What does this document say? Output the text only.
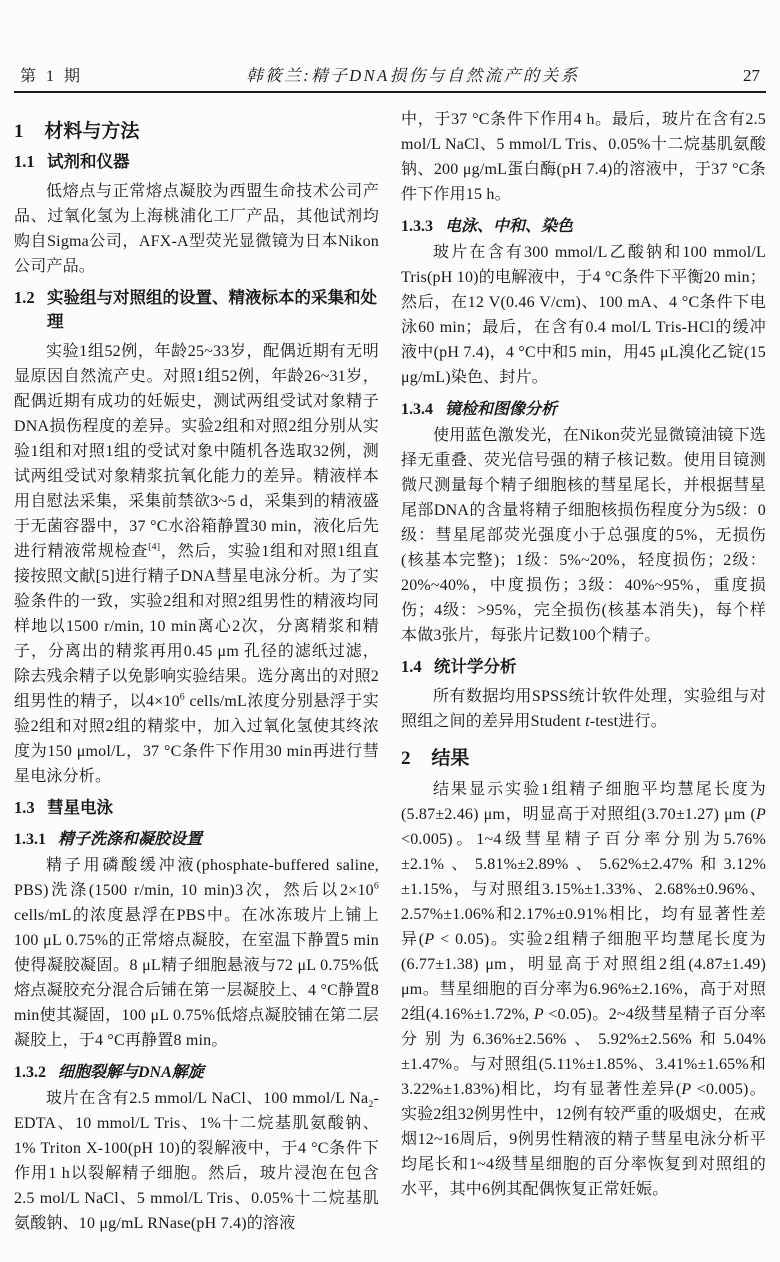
第 1 期	韩筱兰:精子DNA损伤与自然流产的关系	27
1 材料与方法
1.1 试剂和仪器

低熔点与正常熔点凝胶为西盟生命技术公司产品、过氧化氢为上海桃浦化工厂产品，其他试剂均购自Sigma公司，AFX-A型荧光显微镜为日本Nikon公司产品。

1.2 实验组与对照组的设置、精液标本的采集和处理

实验1组52例，年龄25~33岁，配偶近期有无明显原因自然流产史。对照1组52例，年龄26~31岁，配偶近期有成功的妊娠史，测试两组受试对象精子DNA损伤程度的差异。实验2组和对照2组分别从实验1组和对照1组的受试对象中随机各选取32例，测试两组受试对象精浆抗氧化能力的差异。精液样本用自慰法采集，采集前禁欲3~5 d，采集到的精液盛于无菌容器中，37 °C水浴箱静置30 min，液化后先进行精液常规检查[4]，然后，实验1组和对照1组直接按照文献[5]进行精子DNA彗星电泳分析。为了实验条件的一致，实验2组和对照2组男性的精液均同样地以1500 r/min, 10 min离心2次，分离精浆和精子，分离出的精浆再用0.45 μm 孔径的滤纸过滤，除去残余精子以免影响实验结果。选分离出的对照2组男性的精子，以$4\times 10^6$ cells/mL浓度分别悬浮于实验2组和对照2组的精浆中，加入过氧化氢使其终浓度为150 μmol/L，37 °C条件下作用30 min再进行彗星电泳分析。

1.3 彗星电泳
1.3.1 精子洗涤和凝胶设置

精子用磷酸缓冲液(phosphate-buffered saline, PBS)洗涤(1500 r/min, 10 min)3次，然后以$2\times 10^6$ cells/mL的浓度悬浮在PBS中。在冰冻玻片上铺上100 μL 0.75%的正常熔点凝胶，在室温下静置5 min使得凝胶凝固。8 μL精子细胞悬液与72 μL 0.75%低熔点凝胶充分混合后铺在第一层凝胶上、4 °C静置8 min使其凝固，100 μL 0.75%低熔点凝胶铺在第二层凝胶上，于4 °C再静置8 min。

1.3.2 细胞裂解与DNA解旋

玻片在含有2.5 mmol/L NaCl、100 mmol/L $Na_2$-EDTA、10 mmol/L Tris、1%十二烷基肌氨酸钠、1% Triton X-100(pH 10)的裂解液中，于4 °C条件下作用1 h以裂解精子细胞。然后，玻片浸泡在包含2.5 mol/L NaCl、5 mmol/L Tris、0.05%十二烷基肌氨酸钠、10 μg/mL RNase(pH 7.4)的溶液

中，于37 °C条件下作用4 h。最后，玻片在含有2.5 mol/L NaCl、5 mmol/L Tris、0.05%十二烷基肌氨酸钠、200 μg/mL蛋白酶(pH 7.4)的溶液中，于37 °C条件下作用15 h。

1.3.3 电泳、中和、染色

玻片在含有300 mmol/L乙酸钠和100 mmol/L Tris(pH 10)的电解液中，于4 °C条件下平衡20 min；然后，在12 V(0.46 V/cm)、100 mA、4 °C条件下电泳60 min；最后，在含有0.4 mol/L Tris-HCl的缓冲液中(pH 7.4)，4 °C中和5 min，用45 μL溴化乙锭(15 μg/mL)染色、封片。

1.3.4 镜检和图像分析

使用蓝色激发光，在Nikon荧光显微镜油镜下选择无重叠、荧光信号强的精子核记数。使用目镜测微尺测量每个精子细胞核的彗星尾长，并根据彗星尾部DNA的含量将精子细胞核损伤程度分为5级：0级：彗星尾部荧光强度小于总强度的5%，无损伤(核基本完整)；1级：5%~20%，轻度损伤；2级：20%~40%，中度损伤；3级：40%~95%，重度损伤；4级：>95%，完全损伤(核基本消失)，每个样本做3张片，每张片记数100个精子。

1.4 统计学分析

所有数据均用SPSS统计软件处理，实验组与对照组之间的差异用Student t-test进行。

2 结果

结果显示实验1组精子细胞平均慧尾长度为(5.87±2.46) μm，明显高于对照组(3.70±1.27) μm (P <0.005)。1~4级彗星精子百分率分别为5.76%±2.1%、5.81%±2.89%、5.62%±2.47%和3.12%±1.15%，与对照组3.15%±1.33%、2.68%±0.96%、2.57%±1.06%和2.17%±0.91%相比，均有显著性差异(P < 0.05)。实验2组精子细胞平均慧尾长度为(6.77±1.38) μm，明显高于对照组2组(4.87±1.49) μm。彗星细胞的百分率为6.96%±2.16%，高于对照2组(4.16%±1.72%, P <0.05)。2~4级彗星精子百分率分别为6.36%±2.56%、5.92%±2.56%和5.04%±1.47%。与对照组(5.11%±1.85%、3.41%±1.65%和3.22%±1.83%)相比，均有显著性差异(P <0.005)。实验2组32例男性中，12例有较严重的吸烟史，在戒烟12~16周后，9例男性精液的精子彗星电泳分析平均尾长和1~4级彗星细胞的百分率恢复到对照组的水平，其中6例其配偶恢复正常妊娠。
